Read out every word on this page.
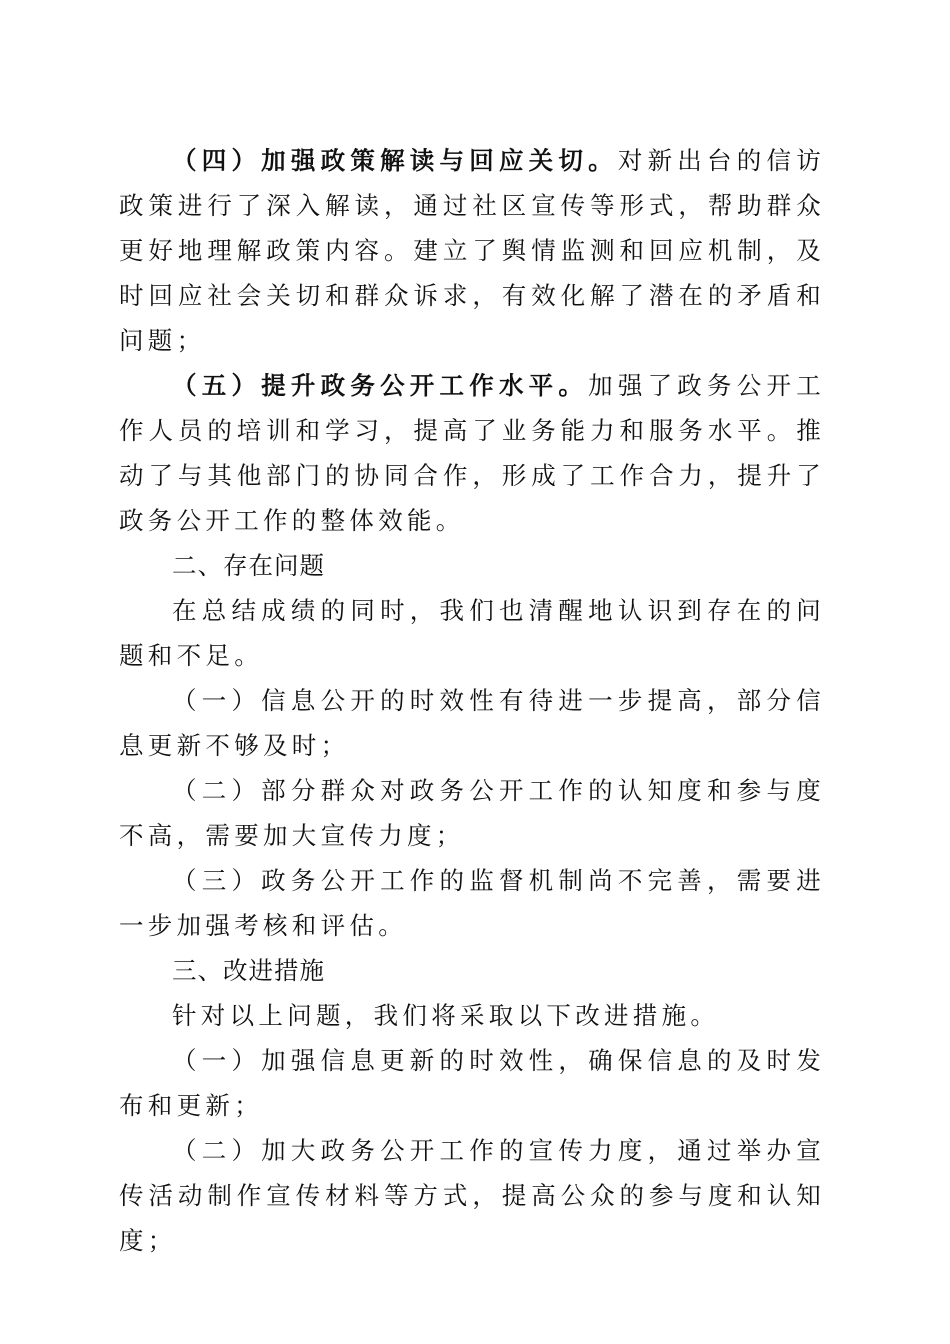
（四）加强政策解读与回应关切。对新出台的信访政策进行了深入解读，通过社区宣传等形式，帮助群众更好地理解政策内容。建立了舆情监测和回应机制，及时回应社会关切和群众诉求，有效化解了潜在的矛盾和问题；

（五）提升政务公开工作水平。加强了政务公开工作人员的培训和学习，提高了业务能力和服务水平。推动了与其他部门的协同合作，形成了工作合力，提升了政务公开工作的整体效能。

二、存在问题

在总结成绩的同时，我们也清醒地认识到存在的问题和不足。

（一）信息公开的时效性有待进一步提高，部分信息更新不够及时；

（二）部分群众对政务公开工作的认知度和参与度不高，需要加大宣传力度；

（三）政务公开工作的监督机制尚不完善，需要进一步加强考核和评估。

三、改进措施

针对以上问题，我们将采取以下改进措施。

（一）加强信息更新的时效性，确保信息的及时发布和更新；

（二）加大政务公开工作的宣传力度，通过举办宣传活动制作宣传材料等方式，提高公众的参与度和认知度；
